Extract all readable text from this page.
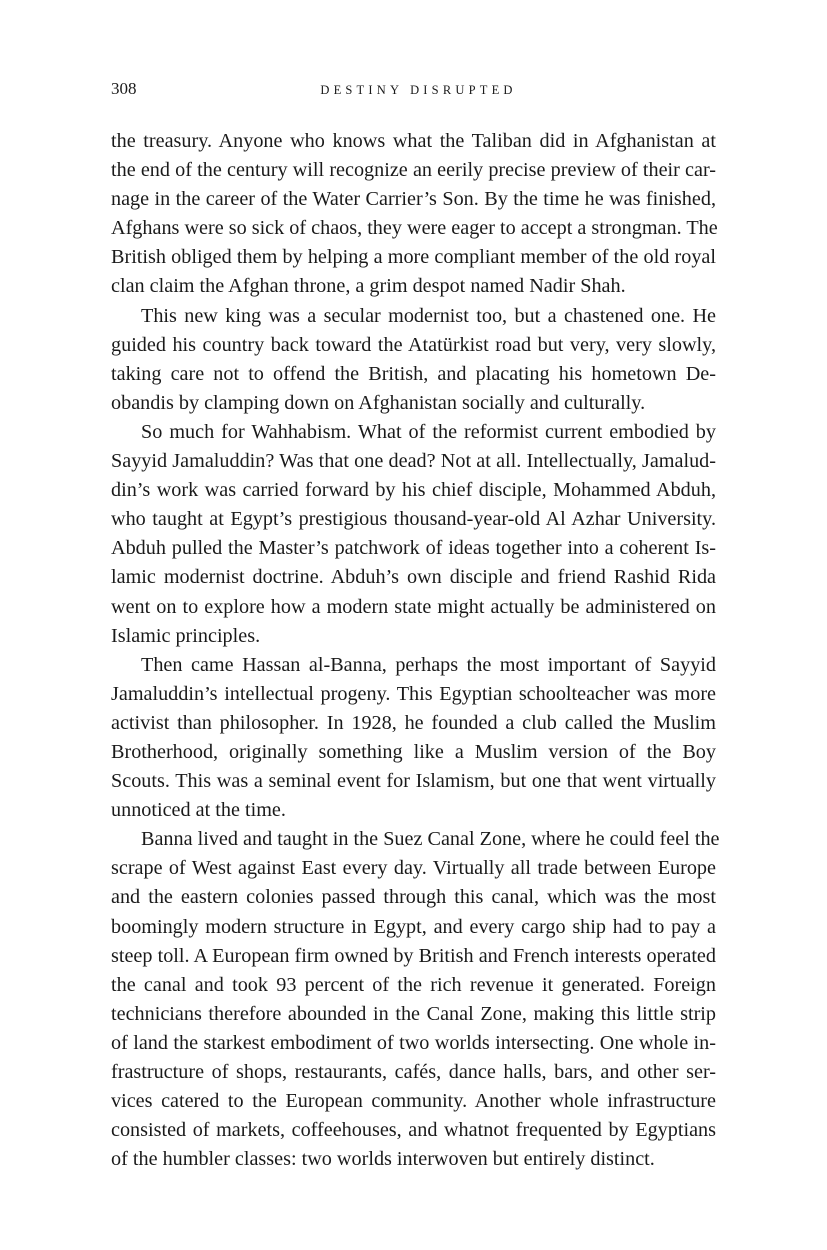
308	DESTINY DISRUPTED

the treasury. Anyone who knows what the Taliban did in Afghanistan at
the end of the century will recognize an eerily precise preview of their car-
nage in the career of the Water Carrier’s Son. By the time he was finished,
Afghans were so sick of chaos, they were eager to accept a strongman. The
British obliged them by helping a more compliant member of the old royal
clan claim the Afghan throne, a grim despot named Nadir Shah.

This new king was a secular modernist too, but a chastened one. He
guided his country back toward the Atatürkist road but very, very slowly,
taking care not to offend the British, and placating his hometown De-
obandis by clamping down on Afghanistan socially and culturally.

So much for Wahhabism. What of the reformist current embodied by
Sayyid Jamaluddin? Was that one dead? Not at all. Intellectually, Jamalud-
din’s work was carried forward by his chief disciple, Mohammed Abduh,
who taught at Egypt’s prestigious thousand-year-old Al Azhar University.
Abduh pulled the Master’s patchwork of ideas together into a coherent Is-
lamic modernist doctrine. Abduh’s own disciple and friend Rashid Rida
went on to explore how a modern state might actually be administered on
Islamic principles.

Then came Hassan al-Banna, perhaps the most important of Sayyid
Jamaluddin’s intellectual progeny. This Egyptian schoolteacher was more
activist than philosopher. In 1928, he founded a club called the Muslim
Brotherhood, originally something like a Muslim version of the Boy
Scouts. This was a seminal event for Islamism, but one that went virtually
unnoticed at the time.

Banna lived and taught in the Suez Canal Zone, where he could feel the
scrape of West against East every day. Virtually all trade between Europe
and the eastern colonies passed through this canal, which was the most
boomingly modern structure in Egypt, and every cargo ship had to pay a
steep toll. A European firm owned by British and French interests operated
the canal and took 93 percent of the rich revenue it generated. Foreign
technicians therefore abounded in the Canal Zone, making this little strip
of land the starkest embodiment of two worlds intersecting. One whole in-
frastructure of shops, restaurants, cafés, dance halls, bars, and other ser-
vices catered to the European community. Another whole infrastructure
consisted of markets, coffeehouses, and whatnot frequented by Egyptians
of the humbler classes: two worlds interwoven but entirely distinct.
